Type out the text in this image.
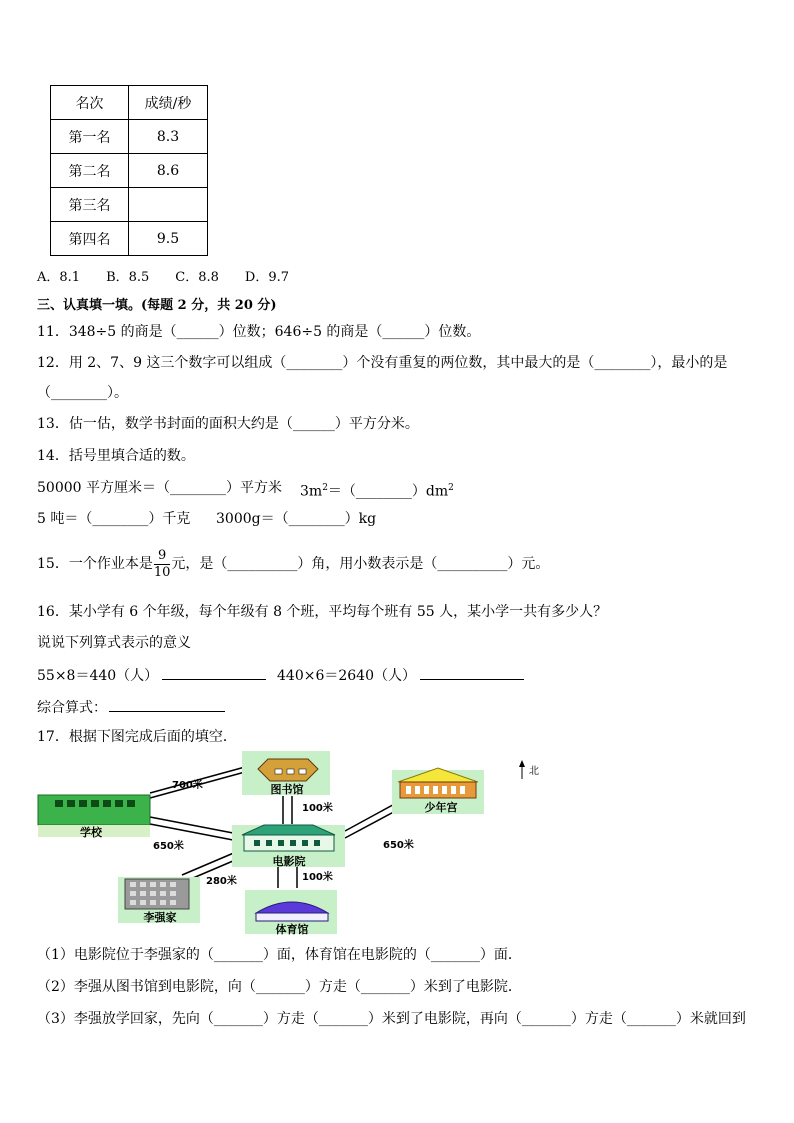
名次	成绩/秒
第一名	8.3
第二名	8.6
第三名	
第四名	9.5
A．8.1　　B．8.5　　C．8.8　　D．9.7
三、认真填一填。(每题 2 分，共 20 分)
11．348÷5 的商是（______）位数；646÷5 的商是（______）位数。
12．用 2、7、9 这三个数字可以组成（________）个没有重复的两位数，其中最大的是（________），最小的是
（________）。
13．估一估，数学书封面的面积大约是（______）平方分米。
14．括号里填合适的数。
50000 平方厘米＝（________）平方米 $3m^2=(\_\_\_\_\_\_\_\_)dm^2$
5 吨＝（________）千克 3000g＝（________）kg
15．一个作业本是 $\frac{9}{10}$ 元，是（__________）角，用小数表示是（__________）元。
16．某小学有 6 个年级，每个年级有 8 个班，平均每个班有 55 人，某小学一共有多少人？
说说下列算式表示的意义
55×8＝440（人）	440×6＝2640（人）
综合算式：
17．根据下图完成后面的填空．
学校
图书馆
少年宫
北
电影院
李强家
体育馆
700米
100米
650米	650米
280米	100米
（1）电影院位于李强家的（_______）面，体育馆在电影院的（_______）面．
（2）李强从图书馆到电影院，向（_______）方走（_______）米到了电影院．
（3）李强放学回家，先向（_______）方走（_______）米到了电影院，再向（_______）方走（_______）米就回到
